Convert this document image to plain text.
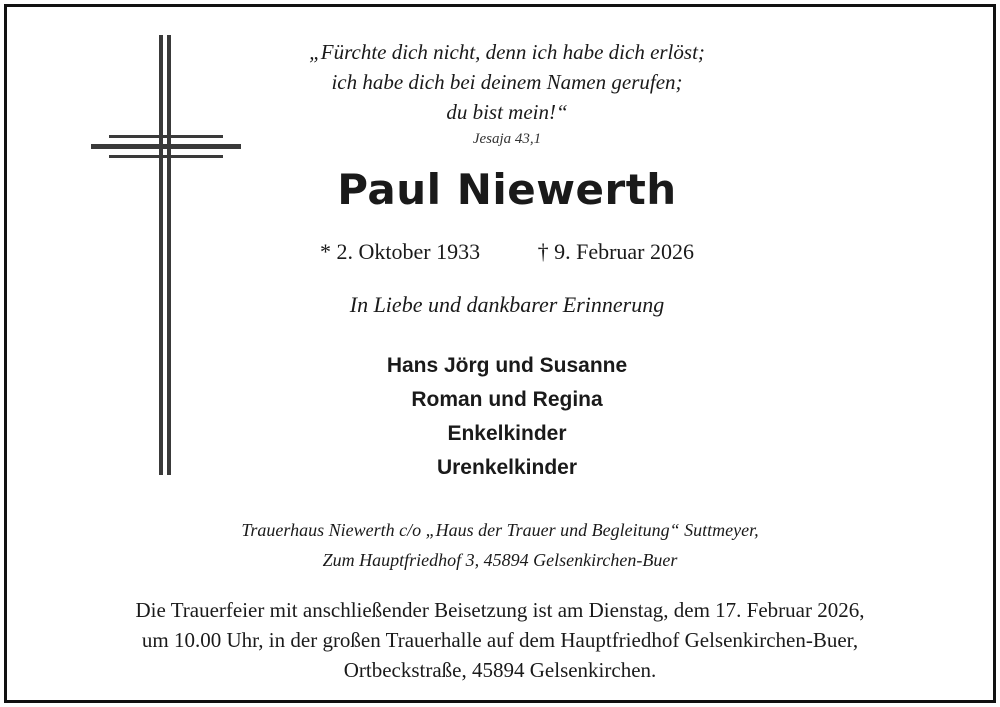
„Fürchte dich nicht, denn ich habe dich erlöst;
ich habe dich bei deinem Namen gerufen;
du bist mein!“
Jesaja 43,1
Paul Niewerth
* 2. Oktober 1933	† 9. Februar 2026
In Liebe und dankbarer Erinnerung
Hans Jörg und Susanne
Roman und Regina
Enkelkinder
Urenkelkinder
Trauerhaus Niewerth c/o „Haus der Trauer und Begleitung“ Suttmeyer,
Zum Hauptfriedhof 3, 45894 Gelsenkirchen-Buer
Die Trauerfeier mit anschließender Beisetzung ist am Dienstag, dem 17. Februar 2026,
um 10.00 Uhr, in der großen Trauerhalle auf dem Hauptfriedhof Gelsenkirchen-Buer,
Ortbeckstraße, 45894 Gelsenkirchen.
